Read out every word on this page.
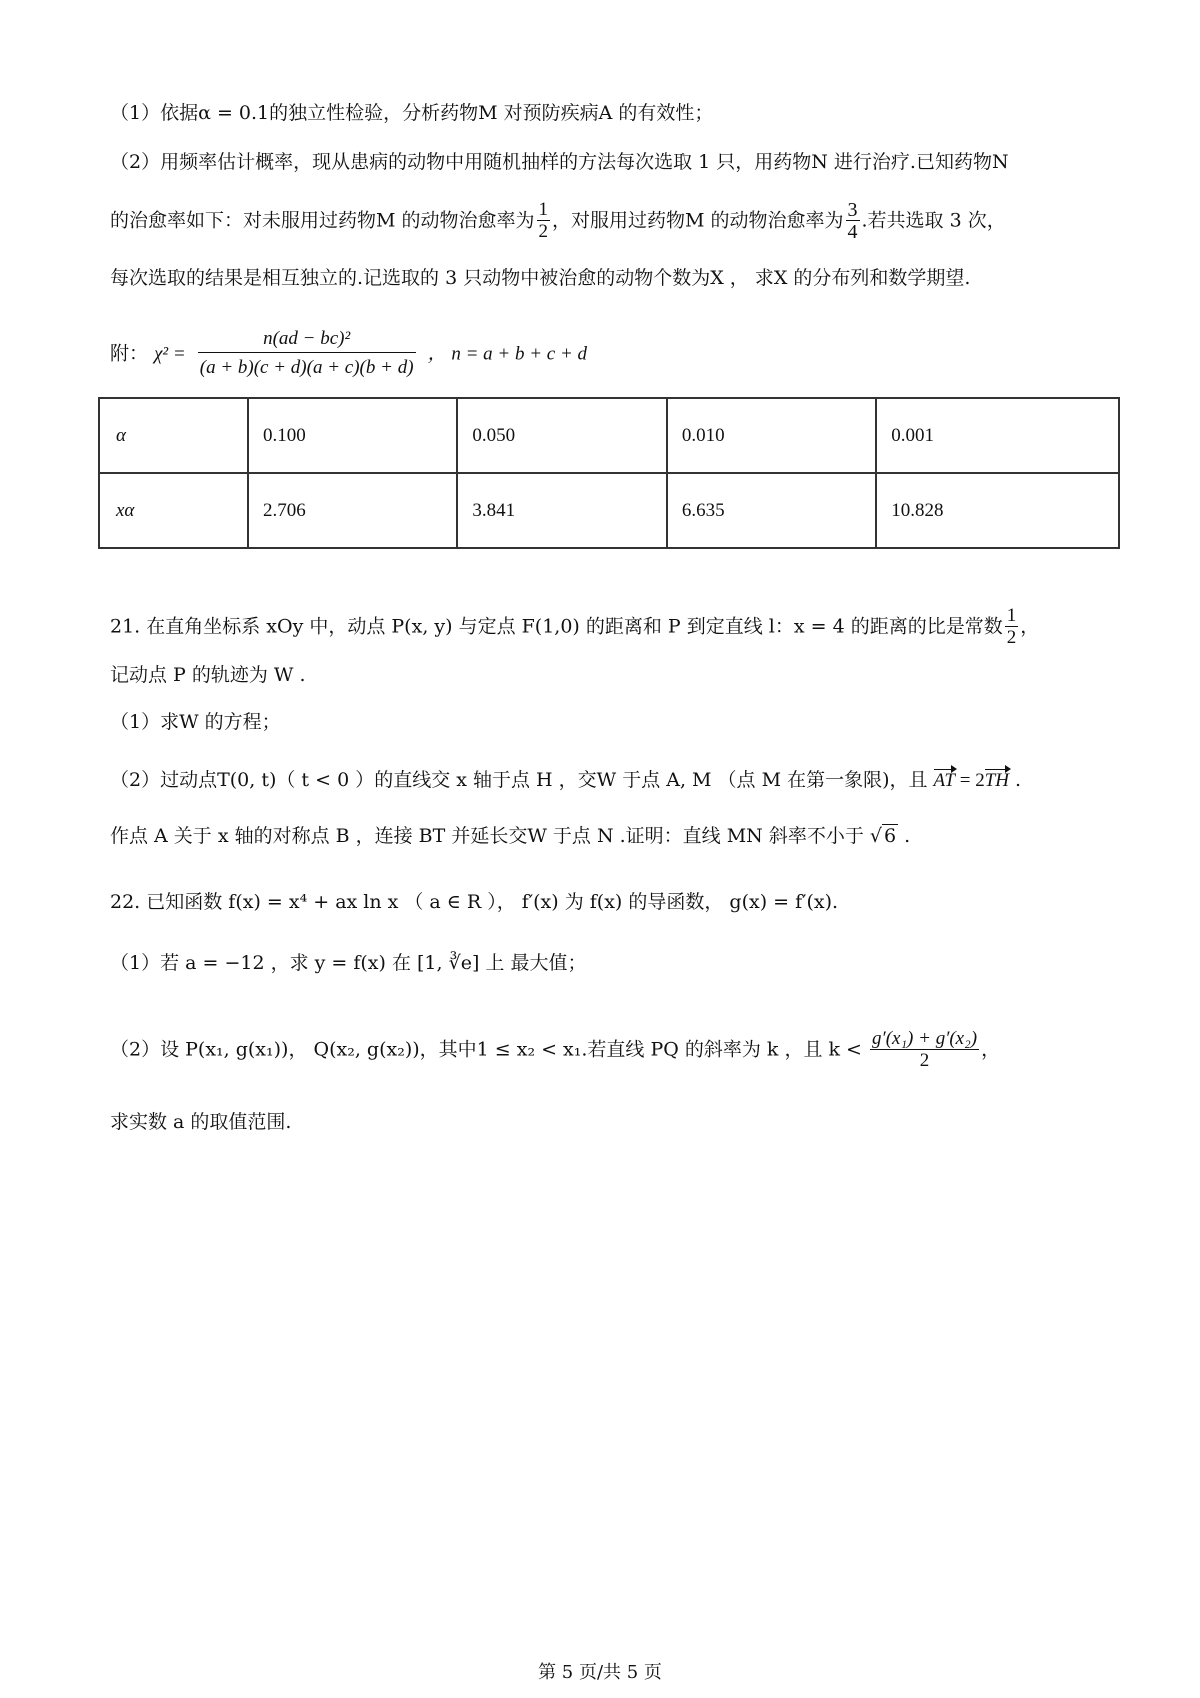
（1）依据α = 0.1的独立性检验，分析药物M 对预防疾病A 的有效性；
（2）用频率估计概率，现从患病的动物中用随机抽样的方法每次选取 1 只，用药物N 进行治疗.已知药物N
的治愈率如下：对未服用过药物M 的动物治愈率为 $\frac{1}{2}$ ，对服用过药物M 的动物治愈率为 $\frac{3}{4}$ .若共选取 3 次，
每次选取的结果是相互独立的.记选取的 3 只动物中被治愈的动物个数为X ， 求X 的分布列和数学期望.
附： $\chi^2 = \frac{\text{n(ad − bc)²}}{(a + b)(c + d)(a + c)(b + d)}$ ， n = a + b + c + d
α	0.100	0.050	0.010	0.001
xα	2.706	3.841	6.635	10.828
21. 在直角坐标系 xOy 中，动点 P(x, y) 与定点 F(1,0) 的距离和 P 到定直线 l：x = 4 的距离的比是常数 $\frac{1}{2}$ ，
记动点 P 的轨迹为 W .
（1）求W 的方程；
（2）过动点T(0, t)（ t < 0 ）的直线交 x 轴于点 H ，交W 于点 A, M （点 M 在第一象限)，且 AT = 2TH .
作点 A 关于 x 轴的对称点 B ，连接 BT 并延长交W 于点 N .证明：直线 MN 斜率不小于 √ 6 .
22. 已知函数 f(x) = x⁴ + ax ln x （ a ∈ R ）， f′(x) 为 f(x) 的导函数， g(x) = f′(x).
（1）若 a = −12 ，求 y = f(x) 在 [1, ∛e] 上 最大值；
（2）设 P(x₁, g(x₁))， Q(x₂, g(x₂))，其中1 ≤ x₂ < x₁.若直线 PQ 的斜率为 k ，且 $k < \frac{\text{g′(x₁) + g′(x₂)}}{2}$ ，
求实数 a 的取值范围.
第 5 页/共 5 页
